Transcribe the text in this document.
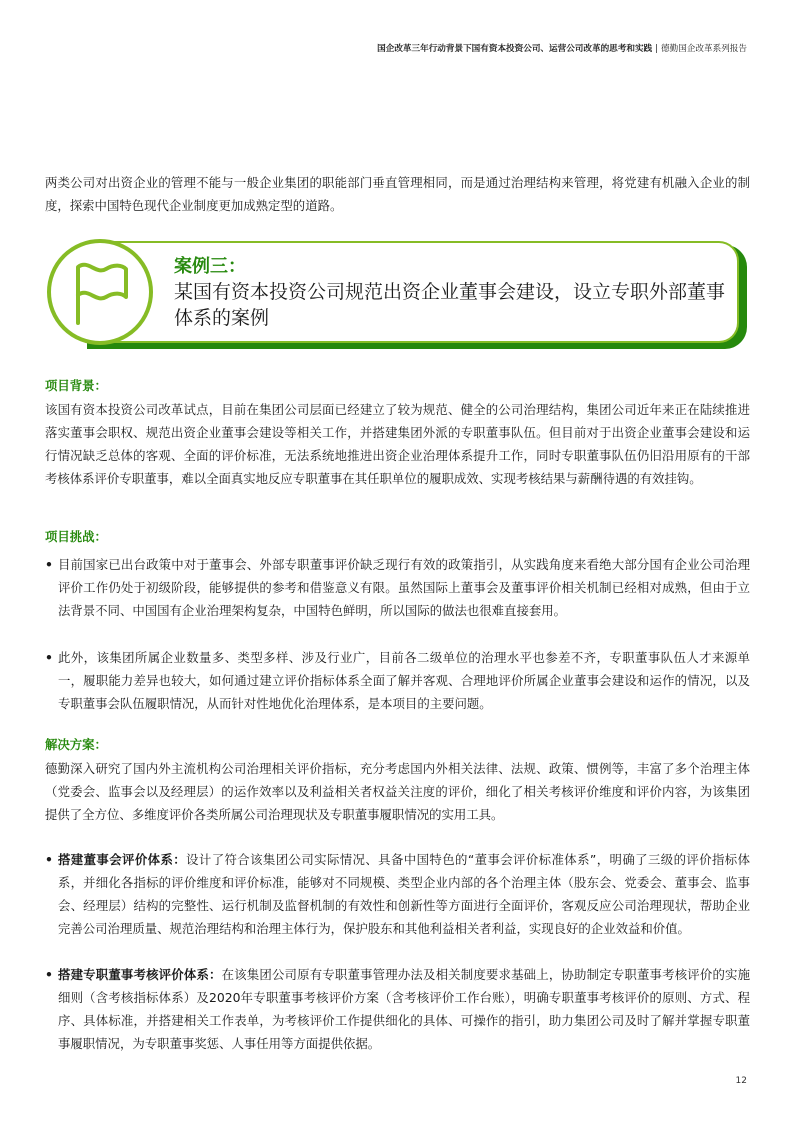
国企改革三年行动背景下国有资本投资公司、运营公司改革的思考和实践 | 德勤国企改革系列报告

两类公司对出资企业的管理不能与一般企业集团的职能部门垂直管理相同，而是通过治理结构来管理，将党建有机融入企业的制度，探索中国特色现代企业制度更加成熟定型的道路。

案例三：
某国有资本投资公司规范出资企业董事会建设，设立专职外部董事体系的案例
项目背景：

该国有资本投资公司改革试点，目前在集团公司层面已经建立了较为规范、健全的公司治理结构，集团公司近年来正在陆续推进落实董事会职权、规范出资企业董事会建设等相关工作，并搭建集团外派的专职董事队伍。但目前对于出资企业董事会建设和运行情况缺乏总体的客观、全面的评价标准，无法系统地推进出资企业治理体系提升工作，同时专职董事队伍仍旧沿用原有的干部考核体系评价专职董事，难以全面真实地反应专职董事在其任职单位的履职成效、实现考核结果与薪酬待遇的有效挂钩。

项目挑战：
• 目前国家已出台政策中对于董事会、外部专职董事评价缺乏现行有效的政策指引，从实践角度来看绝大部分国有企业公司治理评价工作仍处于初级阶段，能够提供的参考和借鉴意义有限。虽然国际上董事会及董事评价相关机制已经相对成熟，但由于立法背景不同、中国国有企业治理架构复杂，中国特色鲜明，所以国际的做法也很难直接套用。
• 此外，该集团所属企业数量多、类型多样、涉及行业广，目前各二级单位的治理水平也参差不齐，专职董事队伍人才来源单一，履职能力差异也较大，如何通过建立评价指标体系全面了解并客观、合理地评价所属企业董事会建设和运作的情况，以及专职董事会队伍履职情况，从而针对性地优化治理体系，是本项目的主要问题。
解决方案：

德勤深入研究了国内外主流机构公司治理相关评价指标，充分考虑国内外相关法律、法规、政策、惯例等，丰富了多个治理主体（党委会、监事会以及经理层）的运作效率以及利益相关者权益关注度的评价，细化了相关考核评价维度和评价内容，为该集团提供了全方位、多维度评价各类所属公司治理现状及专职董事履职情况的实用工具。

• 搭建董事会评价体系：设计了符合该集团公司实际情况、具备中国特色的“董事会评价标准体系”，明确了三级的评价指标体系，并细化各指标的评价维度和评价标准，能够对不同规模、类型企业内部的各个治理主体（股东会、党委会、董事会、监事会、经理层）结构的完整性、运行机制及监督机制的有效性和创新性等方面进行全面评价，客观反应公司治理现状，帮助企业完善公司治理质量、规范治理结构和治理主体行为，保护股东和其他利益相关者利益，实现良好的企业效益和价值。
• 搭建专职董事考核评价体系：在该集团公司原有专职董事管理办法及相关制度要求基础上，协助制定专职董事考核评价的实施细则（含考核指标体系）及2020年专职董事考核评价方案（含考核评价工作台账），明确专职董事考核评价的原则、方式、程序、具体标准，并搭建相关工作表单，为考核评价工作提供细化的具体、可操作的指引，助力集团公司及时了解并掌握专职董事履职情况，为专职董事奖惩、人事任用等方面提供依据。
12
